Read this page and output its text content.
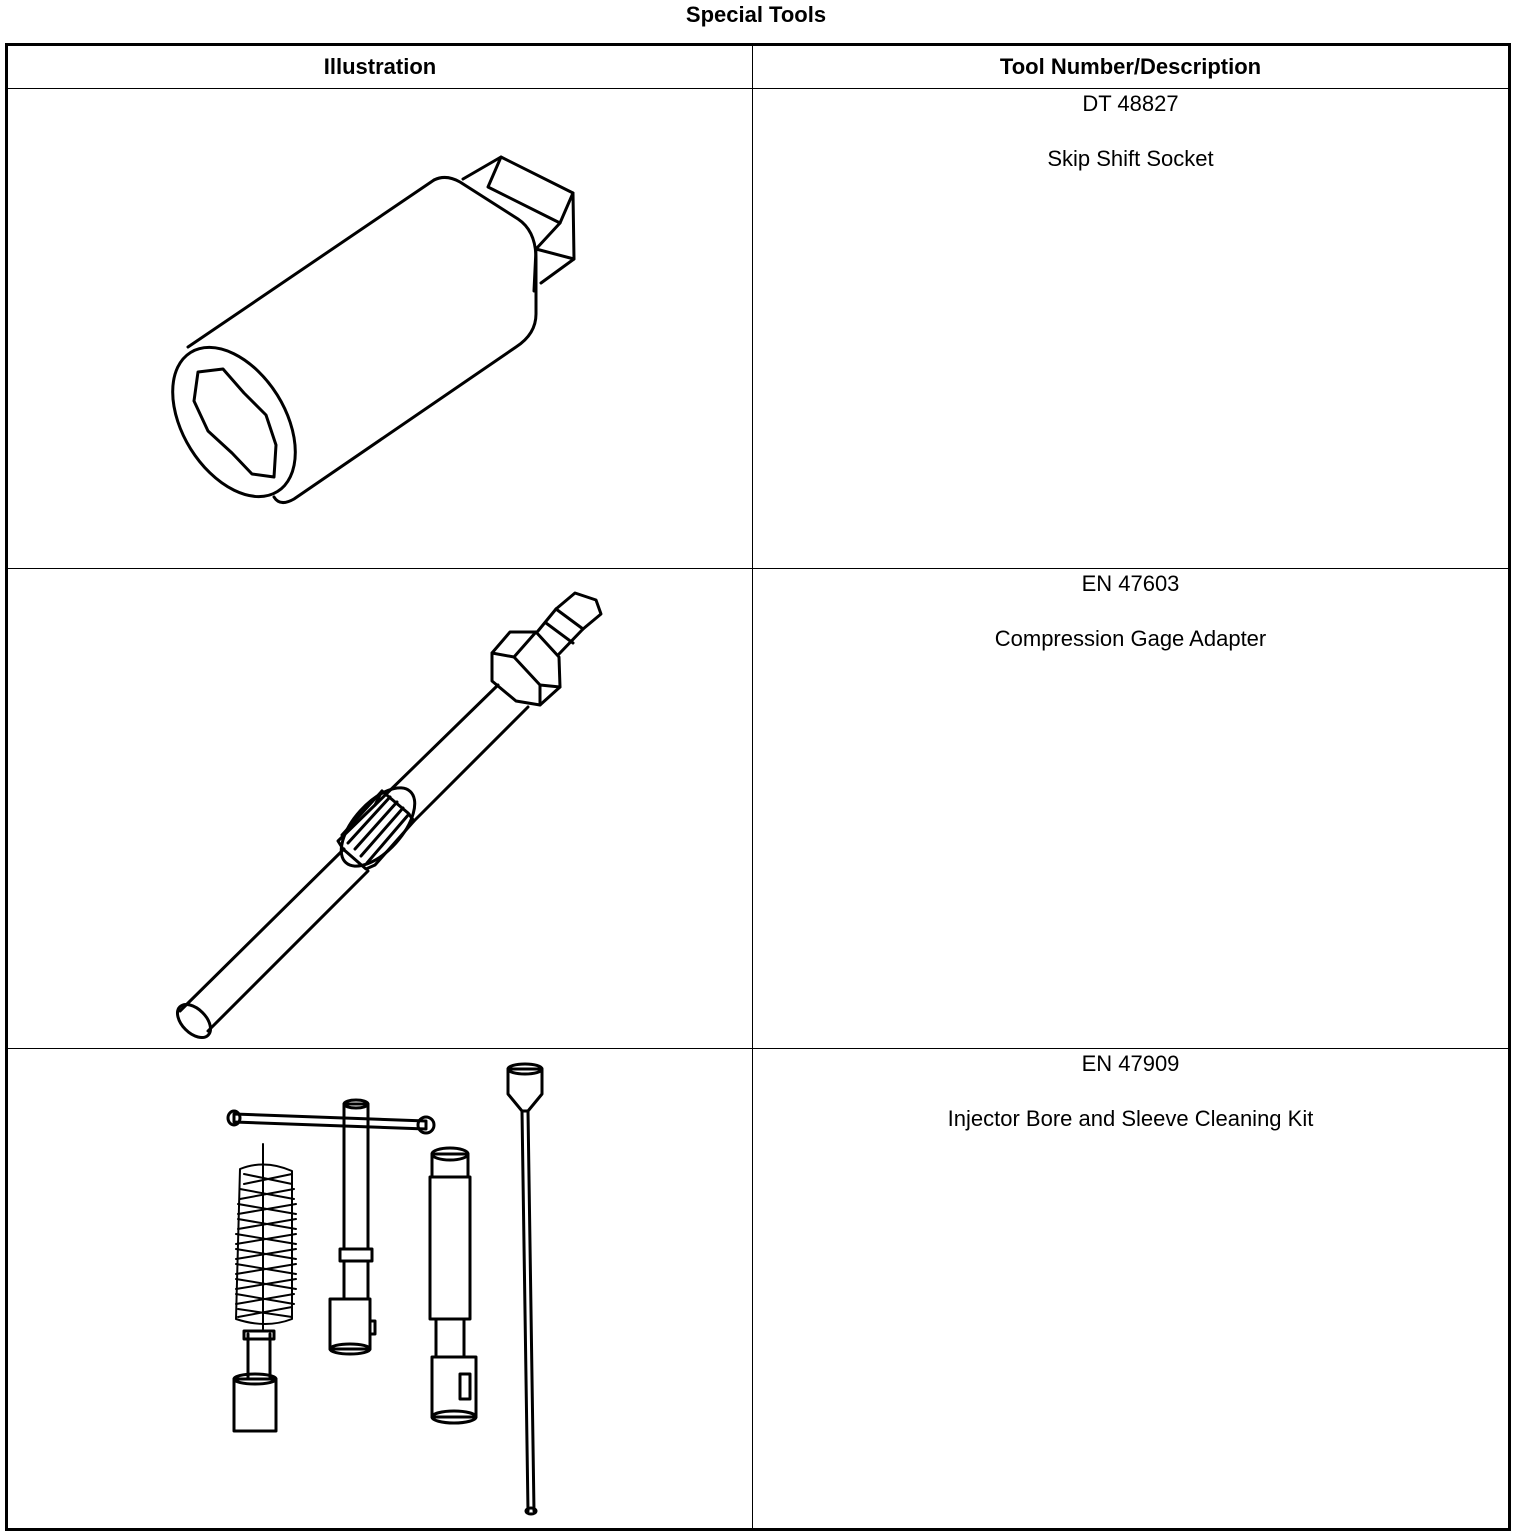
Special Tools
Illustration	Tool Number/Description

DT 48827
Skip Shift Socket

EN 47603
Compression Gage Adapter

EN 47909
Injector Bore and Sleeve Cleaning Kit
